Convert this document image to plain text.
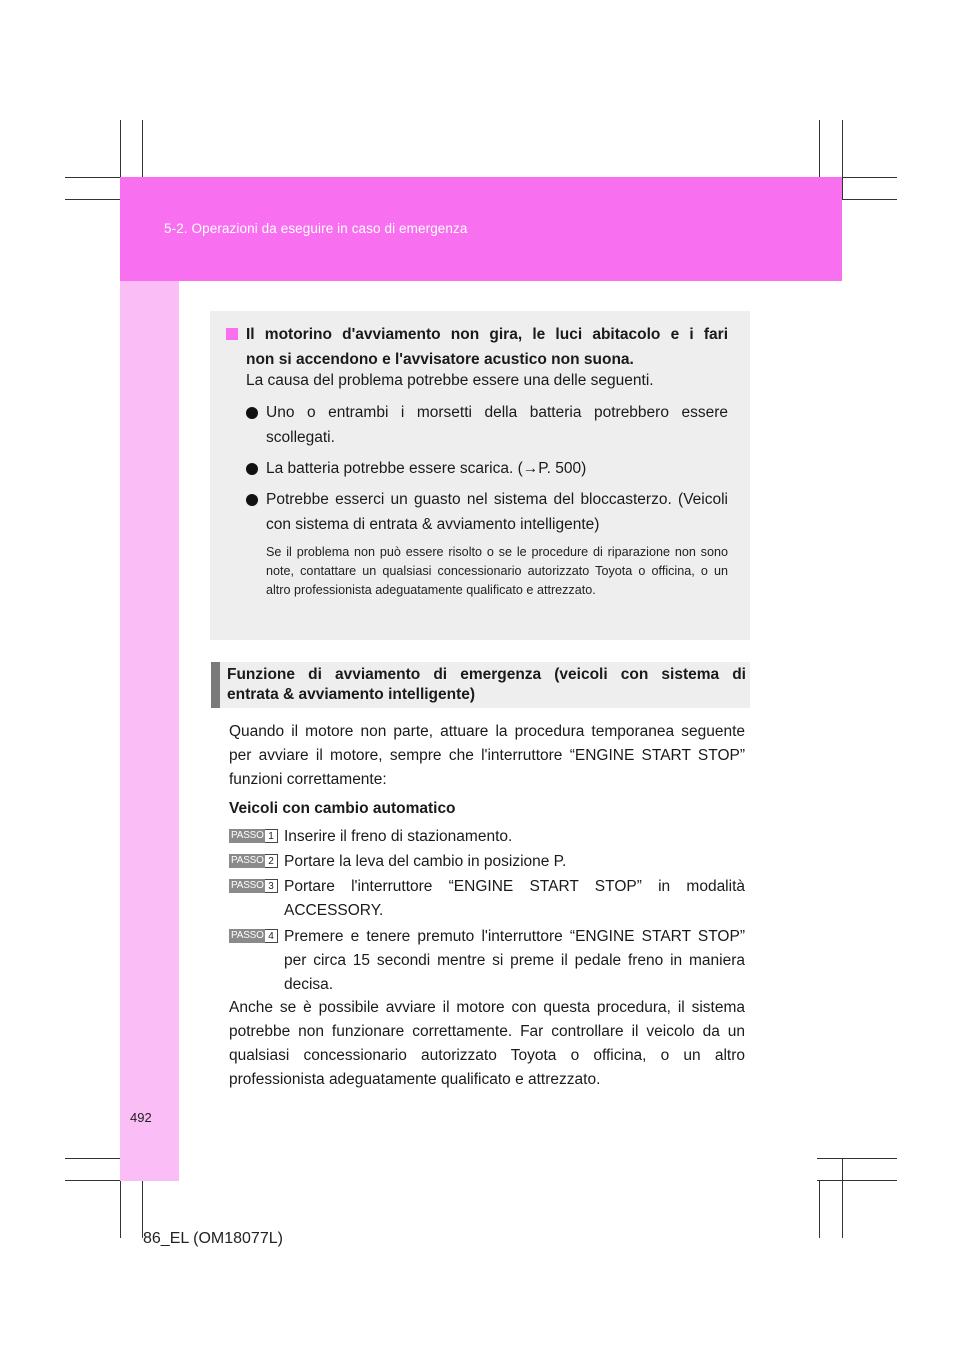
5-2. Operazioni da eseguire in caso di emergenza
Il motorino d'avviamento non gira, le luci abitacolo e i fari
non si accendono e l'avvisatore acustico non suona.
La causa del problema potrebbe essere una delle seguenti.
Uno o entrambi i morsetti della batteria potrebbero essere scollegati.
La batteria potrebbe essere scarica. (→P. 500)
Potrebbe esserci un guasto nel sistema del bloccasterzo. (Veicoli con sistema di entrata & avviamento intelligente)
Se il problema non può essere risolto o se le procedure di riparazione non sono note, contattare un qualsiasi concessionario autorizzato Toyota o officina, o un altro professionista adeguatamente qualificato e attrezzato.
Funzione di avviamento di emergenza (veicoli con sistema di
entrata & avviamento intelligente)
Quando il motore non parte, attuare la procedura temporanea seguente per avviare il motore, sempre che l'interruttore “ENGINE START STOP” funzioni correttamente:
Veicoli con cambio automatico
PASSO 1 Inserire il freno di stazionamento.
PASSO 2 Portare la leva del cambio in posizione P.
PASSO 3 Portare l'interruttore “ENGINE START STOP” in modalità ACCESSORY.
PASSO 4 Premere e tenere premuto l'interruttore “ENGINE START STOP” per circa 15 secondi mentre si preme il pedale freno in maniera decisa.
Anche se è possibile avviare il motore con questa procedura, il sistema potrebbe non funzionare correttamente. Far controllare il veicolo da un qualsiasi concessionario autorizzato Toyota o officina, o un altro professionista adeguatamente qualificato e attrezzato.
492
86_EL (OM18077L)
